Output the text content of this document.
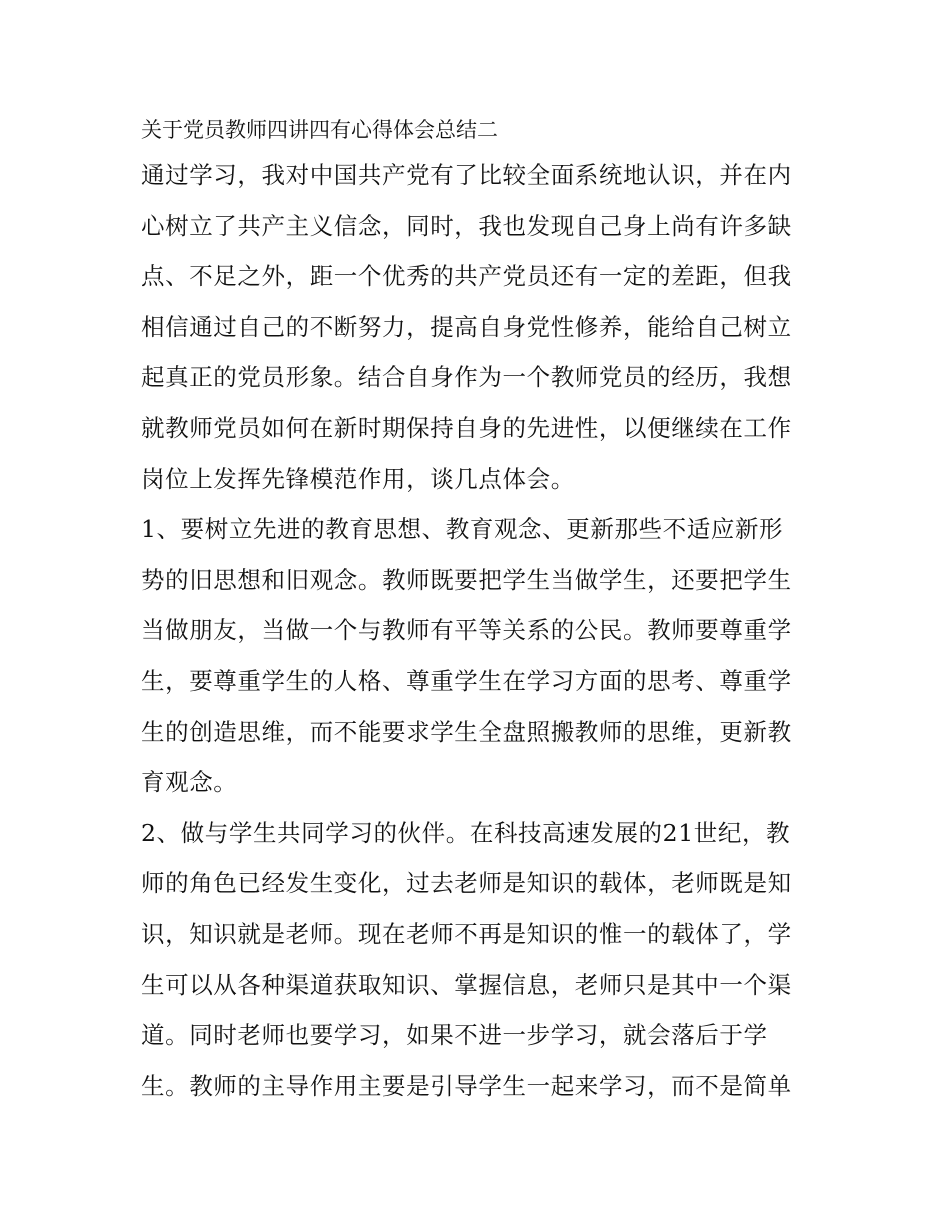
关于党员教师四讲四有心得体会总结二

通过学习，我对中国共产党有了比较全面系统地认识，并在内

心树立了共产主义信念，同时，我也发现自己身上尚有许多缺

点、不足之外，距一个优秀的共产党员还有一定的差距，但我

相信通过自己的不断努力，提高自身党性修养，能给自己树立

起真正的党员形象。结合自身作为一个教师党员的经历，我想

就教师党员如何在新时期保持自身的先进性，以便继续在工作

岗位上发挥先锋模范作用，谈几点体会。

1、要树立先进的教育思想、教育观念、更新那些不适应新形

势的旧思想和旧观念。教师既要把学生当做学生，还要把学生

当做朋友，当做一个与教师有平等关系的公民。教师要尊重学

生，要尊重学生的人格、尊重学生在学习方面的思考、尊重学

生的创造思维，而不能要求学生全盘照搬教师的思维，更新教

育观念。

2、做与学生共同学习的伙伴。在科技高速发展的21世纪，教

师的角色已经发生变化，过去老师是知识的载体，老师既是知

识，知识就是老师。现在老师不再是知识的惟一的载体了，学

生可以从各种渠道获取知识、掌握信息，老师只是其中一个渠

道。同时老师也要学习，如果不进一步学习，就会落后于学

生。教师的主导作用主要是引导学生一起来学习，而不是简单
